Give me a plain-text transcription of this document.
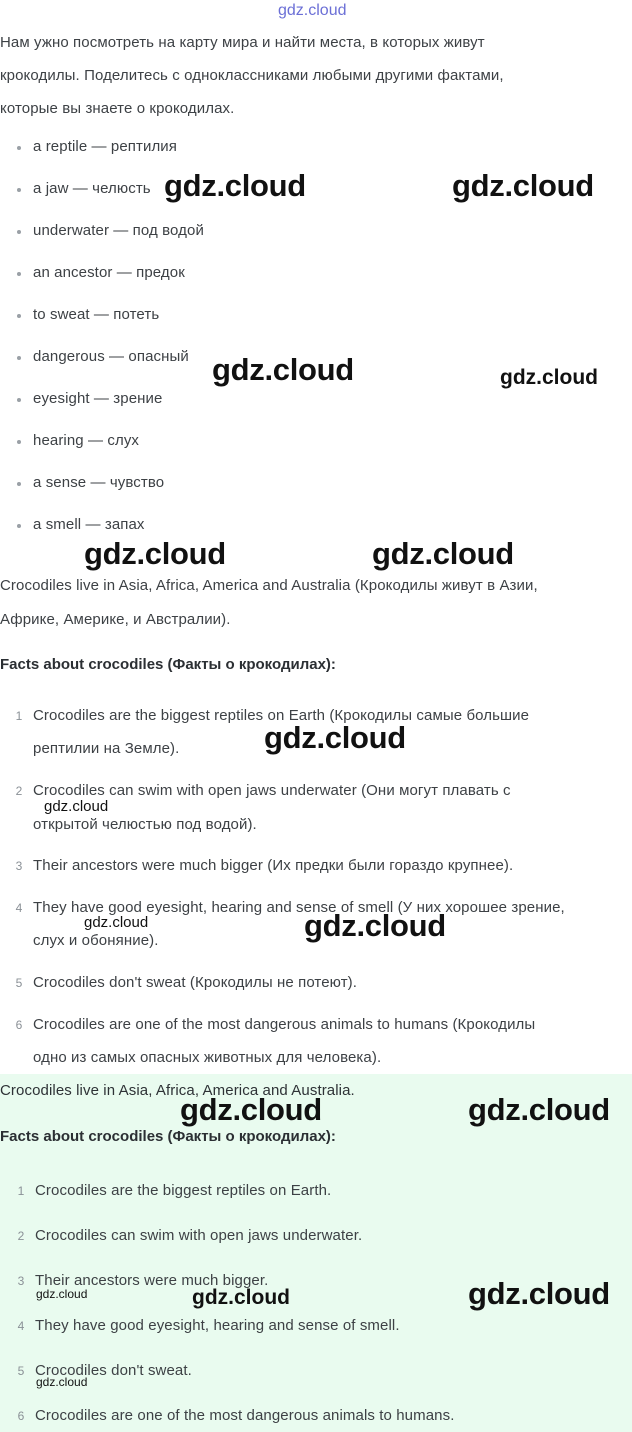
gdz.cloud
Нам ужно посмотреть на карту мира и найти места, в которых живут
крокодилы. Поделитесь с одноклассниками любыми другими фактами,
которые вы знаете о крокодилах.
a reptile — рептилия
a jaw — челюсть
underwater — под водой
an ancestor — предок
to sweat — потеть
dangerous — опасный
eyesight — зрение
hearing — слух
a sense — чувство
a smell — запах
Crocodiles live in Asia, Africa, America and Australia (Крокодилы живут в Азии,
Африке, Америке, и Австралии).
Facts about crocodiles (Факты о крокодилах):
1 Crocodiles are the biggest reptiles on Earth (Крокодилы самые большие
рептилии на Земле).
2 Crocodiles can swim with open jaws underwater (Они могут плавать с
открытой челюстью под водой).
3 Their ancestors were much bigger (Их предки были гораздо крупнее).
4 They have good eyesight, hearing and sense of smell (У них хорошее зрение,
слух и обоняние).
5 Crocodiles don't sweat (Крокодилы не потеют).
6 Crocodiles are one of the most dangerous animals to humans (Крокодилы
одно из самых опасных животных для человека).
Crocodiles live in Asia, Africa, America and Australia.
Facts about crocodiles (Факты о крокодилах):
1 Crocodiles are the biggest reptiles on Earth.
2 Crocodiles can swim with open jaws underwater.
3 Their ancestors were much bigger.
4 They have good eyesight, hearing and sense of smell.
5 Crocodiles don't sweat.
6 Crocodiles are one of the most dangerous animals to humans.
gdz.cloud	gdz.cloud
gdz.cloud	gdz.cloud
gdz.cloud	gdz.cloud
gdz.cloud
gdz.cloud
gdz.cloud	gdz.cloud
gdz.cloud	gdz.cloud
gdz.cloud	gdz.cloud	gdz.cloud
gdz.cloud
